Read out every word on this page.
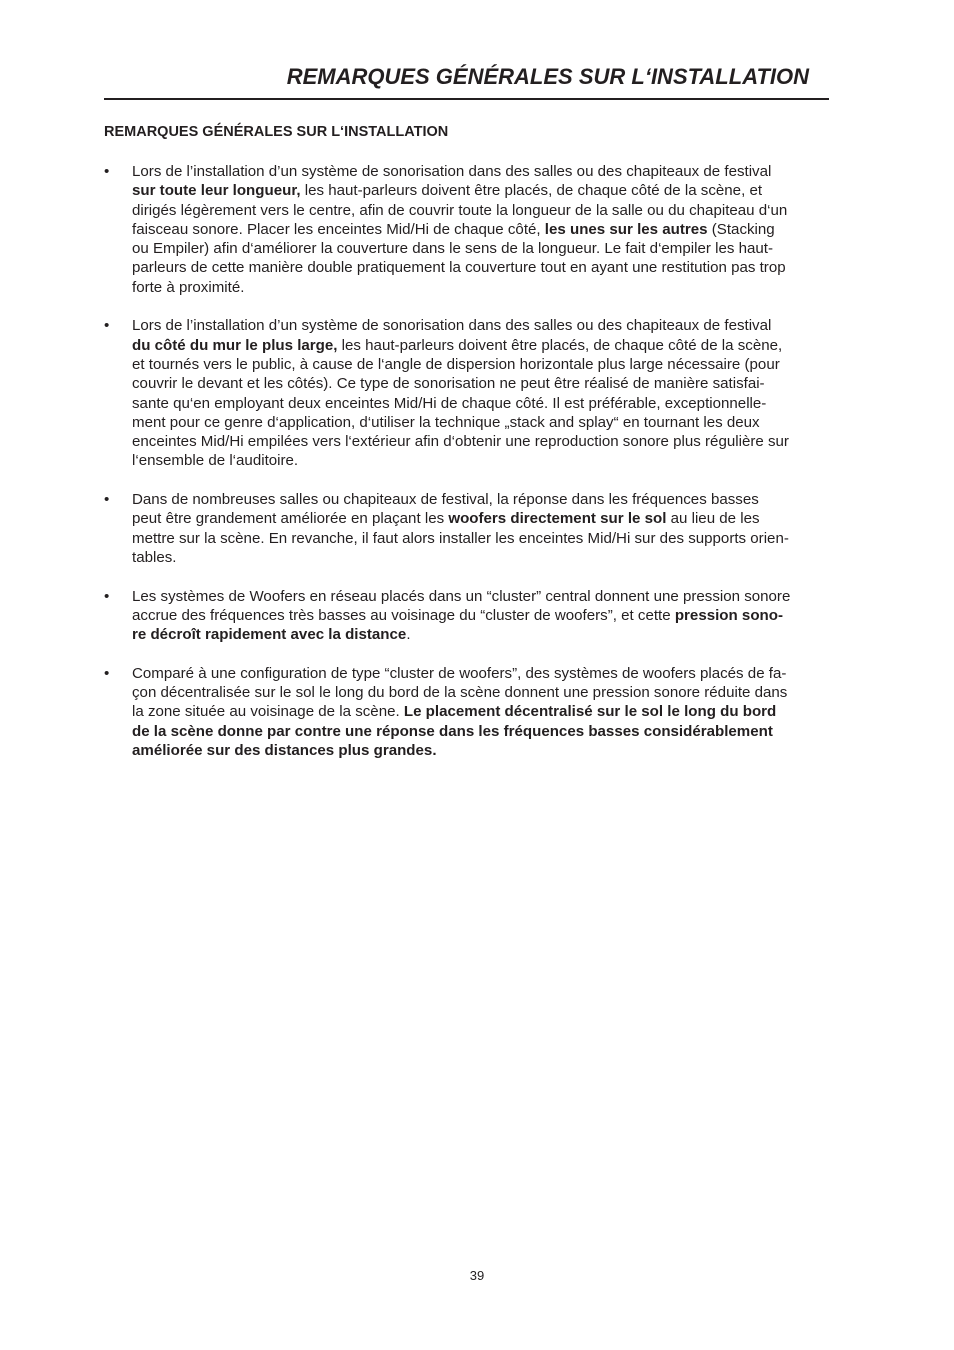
REMARQUES GÉNÉRALES SUR L‘INSTALLATION
REMARQUES GÉNÉRALES SUR L‘INSTALLATION
•	Lors de l’installation d’un système de sonorisation dans des salles ou des chapiteaux de festival
sur toute leur longueur, les haut-parleurs doivent être placés, de chaque côté de la scène, et
dirigés légèrement vers le centre, afin de couvrir toute la longueur de la salle ou du chapiteau d‘un
faisceau sonore. Placer les enceintes Mid/Hi de chaque côté, les unes sur les autres (Stacking
ou Empiler) afin d‘améliorer la couverture dans le sens de la longueur. Le fait d‘empiler les haut-
parleurs de cette manière double pratiquement la couverture tout en ayant une restitution pas trop
forte à proximité.
•	Lors de l’installation d’un système de sonorisation dans des salles ou des chapiteaux de festival
du côté du mur le plus large, les haut-parleurs doivent être placés, de chaque côté de la scène,
et tournés vers le public, à cause de l‘angle de dispersion horizontale plus large nécessaire (pour
couvrir le devant et les côtés). Ce type de sonorisation ne peut être réalisé de manière satisfai-
sante qu‘en employant deux enceintes Mid/Hi de chaque côté. Il est préférable, exceptionnelle-
ment pour ce genre d‘application, d‘utiliser la technique „stack and splay“ en tournant les deux
enceintes Mid/Hi empilées vers l‘extérieur afin d‘obtenir une reproduction sonore plus régulière sur
l‘ensemble de l‘auditoire.
•	Dans de nombreuses salles ou chapiteaux de festival, la réponse dans les fréquences basses
peut être grandement améliorée en plaçant les woofers directement sur le sol au lieu de les
mettre sur la scène. En revanche, il faut alors installer les enceintes Mid/Hi sur des supports orien-
tables.
•	Les systèmes de Woofers en réseau placés dans un “cluster” central donnent une pression sonore
accrue des fréquences très basses au voisinage du “cluster de woofers”, et cette pression sono-
re décroît rapidement avec la distance.
•	Comparé à une configuration de type “cluster de woofers”, des systèmes de woofers placés de fa-
çon décentralisée sur le sol le long du bord de la scène donnent une pression sonore réduite dans
la zone située au voisinage de la scène. Le placement décentralisé sur le sol le long du bord
de la scène donne par contre une réponse dans les fréquences basses considérablement
améliorée sur des distances plus grandes.
39
